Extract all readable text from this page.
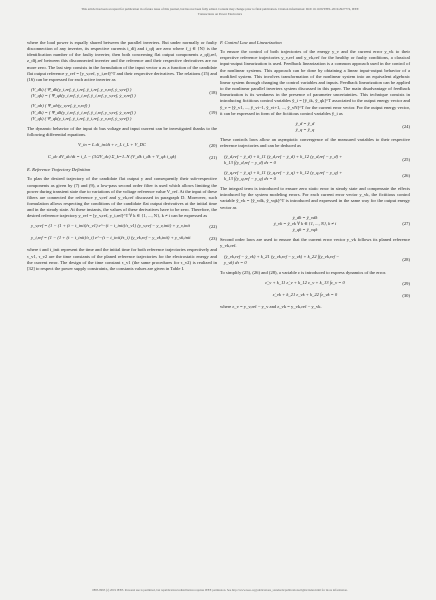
This article has been accepted for publication in a future issue of this journal, but has not been fully edited. Content may change prior to final publication. Citation information: DOI 10.1109/TPEL.2019.2927774, IEEE
Transactions on Power Electronics

where the load power is equally shared between the parallel inverters. But under normally or faulty disconnection of any inverter, its respective currents i_dfj and i_qfj are zero where f_j ∈ {N} is the identification number of the faulty inverter, then both concerning flat output components z_qfj,ref, z_dfj,ref between this disconnected inverter and the reference and their respective derivatives are no more zero. The last step consists in the formulation of the input vector u as a function of the candidate flat output reference y_ref = [y_v,ref, y_i,ref]^T and their respective derivatives. The relations (15) and (16) can be expressed for each active inverter as

(V_dk) ( Ψ_dk(y_i,ref, ẏ_i,ref, ÿ_i,ref, y_v,ref, ẏ_v,ref) )
(V_qk) = ( Ψ_qk(y_i,ref, ẏ_i,ref, ÿ_i,ref, y_v,ref, ẏ_v,ref) )
(18)
(V_ab) ( Ψ_ab(y_v,ref, ẏ_v,ref) )
(V_dk) = ( Ψ_dk(y_i,ref, ẏ_i,ref, ÿ_i,ref, y_v,ref, ẏ_v,ref) )
(V_qk) ( Ψ_qk(y_i,ref, ẏ_i,ref, ÿ_i,ref, y_v,ref, ẏ_v,ref) )
(19)

The dynamic behavior of the input dc bus voltage and input current can be investigated thanks to the following differential equations.

V_in = L di_in/dt + r_L i_L + V_DC	(20)
C_dc dV_dc/dt = i_L − (3/2V_dc) Σ_k=1..N (V_dk i_dk + V_qk i_qk)	(21)
E. Reference Trajectory Definition

To plan the desired trajectory of the candidate flat output y and consequently their sub-respective components as given by (7) and (9), a low-pass second order filter is used which allows limiting the power during transient state due to variations of the voltage reference value V_ref. At the input of these filters are connected the reference y_v,ref and y_vk,ref discussed in paragraph D. Moreover, such formulation allows respecting the conditions of the candidate flat output derivatives at the initial time and in the steady state. At these instants, the values of these derivatives have to be zero. Therefore, the desired reference trajectory y_ref = [y_v,ref, y_i,ref]^T ∀ k ∈ {1, ..., N}, k ≠ i can be expressed as

y_v,ref = (1 − (1 + (t − t_init)/τ_v1) e^−(t − t_init)/τ_v1) (y_v,ref − y_v,init) + y_v,init	(22)
y_i,ref = (1 − (1 + (t − t_init)/τ_i) e^−(t − t_init)/τ_i) (y_vk,ref − y_vk,init) + y_vk,init	(23)

where t and t_init represent the time and the initial time for both reference trajectories respectively and τ_v1, τ_v2 are the time constants of the planed reference trajectories for the electrostatic energy and the current error. The design of the time constant τ_v1 (the same procedures for τ_v2) is realized in [32] to respect the power supply constraints, the constants values are given in Table I.

F. Control Law and Linearization

To ensure the control of both trajectories of the energy y_v and the current error y_vk to their respective reference trajectories y_v,ref and y_vk,ref for the healthy or faulty conditions, a classical input-output linearization is used. Feedback linearization is a common approach used in the control of the nonlinear systems. This approach can be done by obtaining a linear input-output behavior of a modified system. This involves transformation of the nonlinear system into an equivalent algebraic linear system through changing the control variables and inputs. Feedback linearization can be applied to the nonlinear parallel inverters system discussed in this paper. The main disadvantage of feedback linearization is its weakness in the presence of parameter uncertainties. This technique consists in introducing fictitious control variables ŷ_i = [ŷ_ik, ŷ_qk]^T associated to the output energy vector and ŷ_v = [ŷ_v1, ..., ŷ_vi−1, ŷ_vi+1, ..., ŷ_vN]^T for the current error vector. For the output energy vector, it can be expressed in form of the fictitious control variables ŷ_i as

ÿ_d = ŷ_d
ÿ_q = ŷ_q
(24)

These controls laws allow an asymptotic convergence of the measured variables to their respective reference trajectories and can be deduced as

(ÿ_d,ref − ÿ_d) + k_11 (ẏ_d,ref − ẏ_d) + k_12 (y_d,ref − y_d) +
k_13 ∫(y_d,ref − y_d) dτ = 0
(25)
(ÿ_q,ref − ÿ_q) + k_11 (ẏ_q,ref − ẏ_q) + k_12 (y_q,ref − y_q) +
k_13 ∫(y_q,ref − y_q) dτ = 0
(26)

The integral term is introduced to ensure zero static error in steady state and compensate the effects introduced by the system modeling errors. For each current error vector y_vk, the fictitious control variable ŷ_vk = [ŷ_vdk, ŷ_vqk]^T is introduced and expressed in the same way for the output energy vector as

ẏ_dk = ŷ_vdk
ẏ_vk = ŷ_vk ∀ k ∈ {1, ..., N}, k ≠ i
ẏ_qk = ŷ_vqk
(27)

Second order laws are used to ensure that the current error vector y_vk follows its planed reference y_vk,ref.

(ẏ_vk,ref − ẏ_vk) + k_21 (y_vk,ref − y_vk) + k_22 ∫(y_vk,ref −
y_vk) dτ = 0
(28)

To simplify (25), (26) and (28), a variable ε is introduced to express dynamics of the error.

ε̈_v + k_11 ε̇_v + k_12 ε_v + k_13 ∫ε_v = 0	(29)
ε̇_vk + k_21 ε_vk + k_22 ∫ε_vk = 0	(30)

where ε_v = y_v,ref − y_v and ε_vk = y_vk,ref − y_vk.

0885-8993 (c) 2019 IEEE. Personal use is permitted, but republication/redistribution requires IEEE permission. See http://www.ieee.org/publications_standards/publications/rights/index.html for more information.
